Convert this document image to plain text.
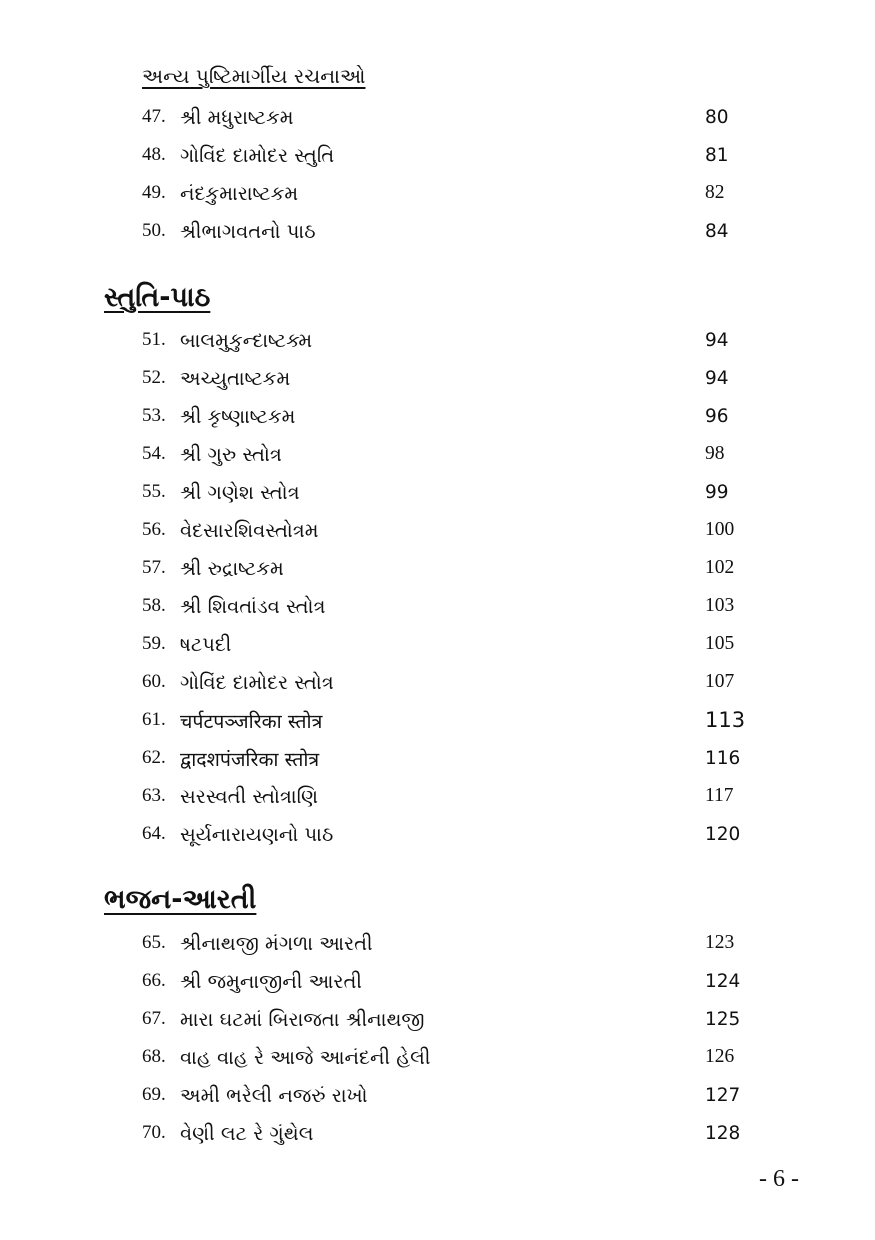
અન્ય પુષ્ટિમાર્ગીય રચનાઓ
47. શ્રી મધુરાષ્ટકમ	80
48. ગોવિંદ દામોદર સ્તુતિ	81
49. નંદકુમારાષ્ટકમ	82
50. શ્રીભાગવતનો પાઠ	84
સ્તુતિ-પાઠ
51. બાલમુકુન્દાષ્ટક્મ	94
52. અચ્યુતાષ્ટકમ	94
53. શ્રી કૃષ્ણાષ્ટકમ	96
54. શ્રી ગુરુ સ્તોત્ર	98
55. શ્રી ગણેશ સ્તોત્ર	99
56. વેદસારશિવસ્તોત્રમ	100
57. શ્રી રુદ્રાષ્ટકમ	102
58. શ્રી શિવતાંડવ સ્તોત્ર	103
59. ષટપદી	105
60. ગોવિંદ દામોદર સ્તોત્ર	107
61. चर्पटपञ्जरिका स्तोत्र	113
62. द्वादशपंजरिका स्तोत्र	116
63. સરસ્વતી સ્તોત્રાણિ	117
64. સૂર્યનારાયણનો પાઠ	120
ભજન-આરતી
65. શ્રીનાથજી મંગળા આરતી	123
66. શ્રી જમુનાજીની આરતી	124
67. મારા ઘટમાં બિરાજતા શ્રીનાથજી	125
68. વાહ વાહ રે આજે આનંદની હેલી	126
69. અમી ભરેલી નજરું રાખો	127
70. વેણી લટ રે ગુંથેલ	128
- 6 -
